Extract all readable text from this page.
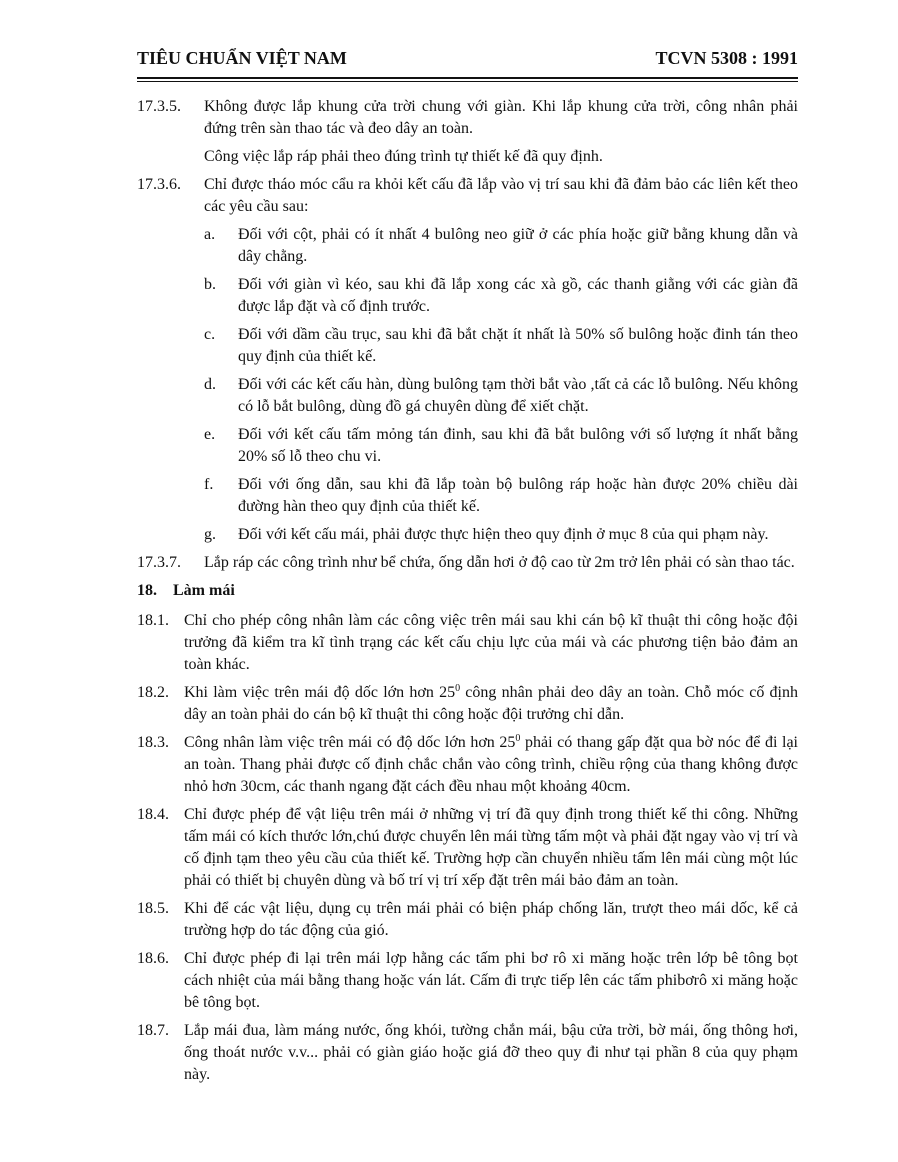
TIÊU CHUẨN VIỆT NAM	TCVN 5308 : 1991
17.3.5. Không được lắp khung cửa trời chung với giàn. Khi lắp khung cửa trời, công nhân phải đứng trên sàn thao tác và đeo dây an toàn.
Công việc lắp ráp phải theo đúng trình tự thiết kế đã quy định.
17.3.6. Chỉ được tháo móc cẩu ra khỏi kết cấu đã lắp vào vị trí sau khi đã đảm bảo các liên kết theo các yêu cầu sau:
a. Đối với cột, phải có ít nhất 4 bulông neo giữ ở các phía hoặc giữ bằng khung dẫn và dây chằng.
b. Đối với giàn vì kéo, sau khi đã lắp xong các xà gồ, các thanh giằng với các giàn đã được lắp đặt và cố định trước.
c. Đối với dầm cầu trục, sau khi đã bắt chặt ít nhất là 50% số bulông hoặc đinh tán theo quy định của thiết kế.
d. Đối với các kết cấu hàn, dùng bulông tạm thời bắt vào ,tất cả các lỗ bulông. Nếu không có lỗ bắt bulông, dùng đồ gá chuyên dùng để xiết chặt.
e. Đối với kết cấu tấm mỏng tán đinh, sau khi đã bắt bulông với số lượng ít nhất bằng 20% số lỗ theo chu vi.
f. Đối với ống dẫn, sau khi đã lắp toàn bộ bulông ráp hoặc hàn được 20% chiều dài đường hàn theo quy định của thiết kế.
g. Đối với kết cấu mái, phải được thực hiện theo quy định ở mục 8 của qui phạm này.
17.3.7. Lắp ráp các công trình như bể chứa, ống dẫn hơi ở độ cao từ 2m trở lên phải có sàn thao tác.
18. Làm mái
18.1. Chỉ cho phép công nhân làm các công việc trên mái sau khi cán bộ kĩ thuật thi công hoặc đội trưởng đã kiểm tra kĩ tình trạng các kết cấu chịu lực của mái và các phương tiện bảo đảm an toàn khác.
18.2. Khi làm việc trên mái độ dốc lớn hơn $25^0$ công nhân phải deo dây an toàn. Chỗ móc cố định dây an toàn phải do cán bộ kĩ thuật thi công hoặc đội trưởng chỉ dẫn.
18.3. Công nhân làm việc trên mái có độ dốc lớn hơn $25^0$ phải có thang gấp đặt qua bờ nóc để đi lại an toàn. Thang phải được cố định chắc chắn vào công trình, chiều rộng của thang không được nhỏ hơn 30cm, các thanh ngang đặt cách đều nhau một khoảng 40cm.
18.4. Chỉ được phép để vật liệu trên mái ở những vị trí đã quy định trong thiết kế thi công. Những tấm mái có kích thước lớn,chú được chuyển lên mái từng tấm một và phải đặt ngay vào vị trí và cố định tạm theo yêu cầu của thiết kế. Trường hợp cần chuyển nhiều tấm lên mái cùng một lúc phải có thiết bị chuyên dùng và bố trí vị trí xếp đặt trên mái bảo đảm an toàn.
18.5. Khi để các vật liệu, dụng cụ trên mái phải có biện pháp chống lăn, trượt theo mái dốc, kể cả trường hợp do tác động của gió.
18.6. Chỉ được phép đi lại trên mái lợp hằng các tấm phi bơ rô xi măng hoặc trên lớp bê tông bọt cách nhiệt của mái bằng thang hoặc ván lát. Cấm đi trực tiếp lên các tấm phibơrô xi măng hoặc bê tông bọt.
18.7. Lắp mái đua, làm máng nước, ống khói, tường chắn mái, bậu cửa trời, bờ mái, ống thông hơi, ống thoát nước v.v... phải có giàn giáo hoặc giá đỡ theo quy đi như tại phần 8 của quy phạm này.
